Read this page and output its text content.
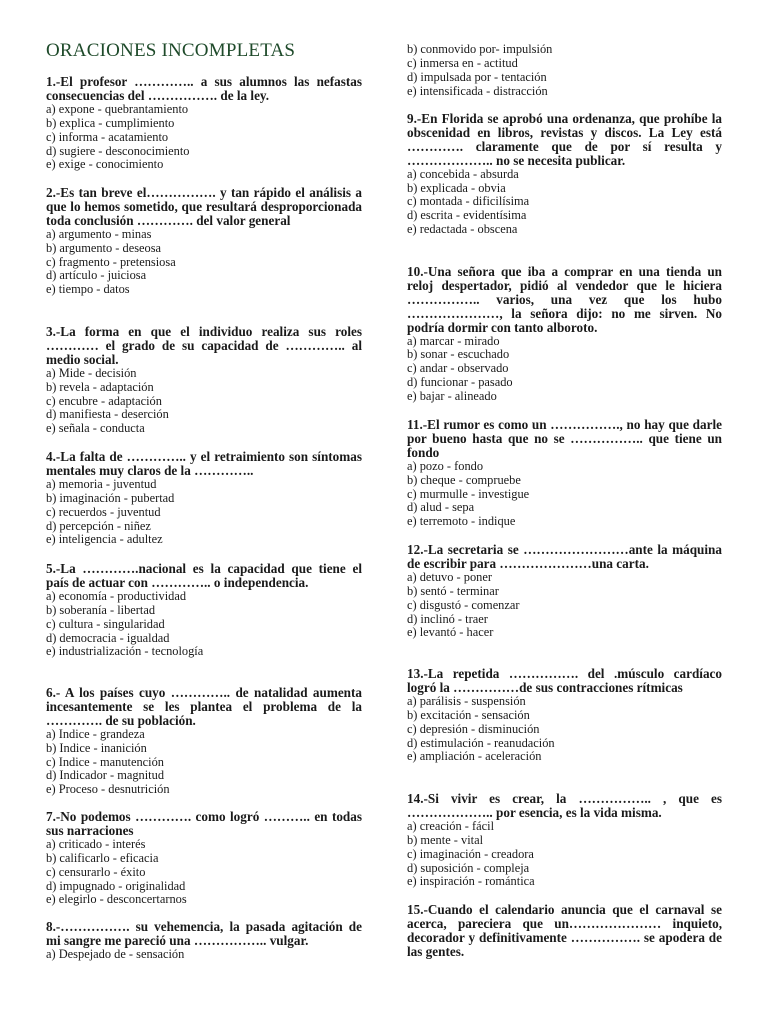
ORACIONES INCOMPLETAS

1.-El profesor ………….. a sus alumnos las nefastas consecuencias del ……………. de la ley.

a) expone - quebrantamiento
b) explica - cumplimiento
c) informa - acatamiento
d) sugiere - desconocimiento
e) exige - conocimiento

2.-Es tan breve el……………. y tan rápido el análisis a que lo hemos sometido, que resultará desproporcionada toda conclusión …………. del valor general

a) argumento - minas
b) argumento - deseosa
c) fragmento - pretensiosa
d) artículo - juiciosa
e) tiempo - datos

3.-La forma en que el individuo realiza sus roles ………… el grado de su capacidad de ………….. al medio social.

a) Mide - decisión
b) revela - adaptación
c) encubre - adaptación
d) manifiesta - deserción
e) señala - conducta

4.-La falta de ………….. y el retraimiento son síntomas mentales muy claros de la …………..

a) memoria - juventud
b) imaginación - pubertad
c) recuerdos - juventud
d) percepción - niñez
e) inteligencia - adultez

5.-La ………….nacional es la capacidad que tiene el país de actuar con ………….. o independencia.

a) economía - productividad
b) soberanía - libertad
c) cultura - singularidad
d) democracia - igualdad
e) industrialización - tecnología

6.- A los países cuyo ………….. de natalidad aumenta incesantemente se les plantea el problema de la …………. de su población.

a) Indice - grandeza
b) Indice - inanición
c) Indice - manutención
d) Indicador - magnitud
e) Proceso - desnutrición

7.-No podemos …………. como logró ……….. en todas sus narraciones

a) criticado - interés
b) calificarlo - eficacia
c) censurarlo - éxito
d) impugnado - originalidad
e) elegirlo - desconcertarnos

8.-……………. su vehemencia, la pasada agitación de mi sangre me pareció una …………….. vulgar.

a) Despejado de - sensación
b) conmovido por- impulsión
c) inmersa en - actitud
d) impulsada por - tentación
e) intensificada - distracción

9.-En Florida se aprobó una ordenanza, que prohíbe la obscenidad en libros, revistas y discos. La Ley está …………. claramente que de por sí resulta y ……………….. no se necesita publicar.

a) concebida - absurda
b) explicada - obvia
c) montada - dificilísima
d) escrita - evidentísima
e) redactada - obscena

10.-Una señora que iba a comprar en una tienda un reloj despertador, pidió al vendedor que le hiciera …………….. varios, una vez que los hubo …………………, la señora dijo: no me sirven. No podría dormir con tanto alboroto.

a) marcar - mirado
b) sonar - escuchado
c) andar - observado
d) funcionar - pasado
e) bajar - alineado

11.-El rumor es como un ……………., no hay que darle por bueno hasta que no se …………….. que tiene un fondo

a) pozo - fondo
b) cheque - compruebe
c) murmulle - investigue
d) alud - sepa
e) terremoto - indique

12.-La secretaria se ……………………ante la máquina de escribir para …………………una carta.

a) detuvo - poner
b) sentó - terminar
c) disgustó - comenzar
d) inclinó - traer
e) levantó - hacer

13.-La repetida ……………. del .músculo cardíaco logró la ……………de sus contracciones rítmicas

a) parálisis - suspensión
b) excitación - sensación
c) depresión - disminución
d) estimulación - reanudación
e) ampliación - aceleración

14.-Si vivir es crear, la …………….. , que es ……………….. por esencia, es la vida misma.

a) creación - fácil
b) mente - vital
c) imaginación - creadora
d) suposición - compleja
e) inspiración - romántica

15.-Cuando el calendario anuncia que el carnaval se acerca, pareciera que un………………… inquieto, decorador y definitivamente ……………. se apodera de las gentes.
